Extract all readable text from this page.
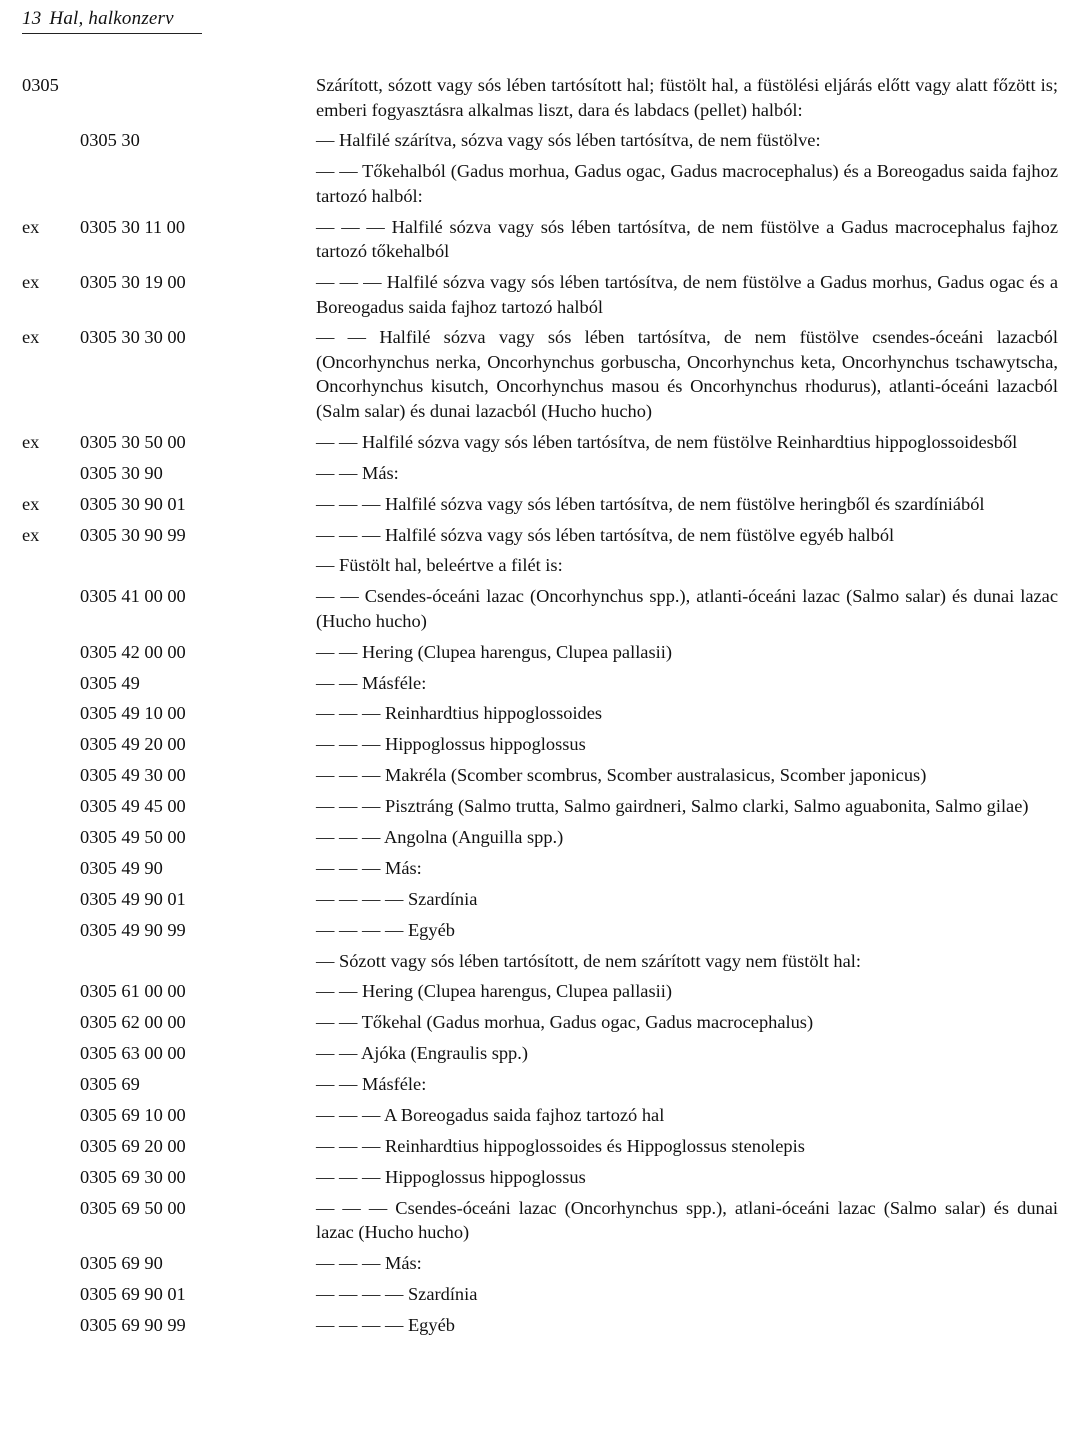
13 Hal, halkonzerv
0305	Szárított, sózott vagy sós lében tartósított hal; füstölt hal, a füstölési eljárás előtt vagy alatt főzött is; emberi fogyasztásra alkalmas liszt, dara és labdacs (pellet) halból:
0305 30	— Halfilé szárítva, sózva vagy sós lében tartósítva, de nem füstölve:
— — Tőkehalból (Gadus morhua, Gadus ogac, Gadus macrocephalus) és a Boreogadus saida fajhoz tartozó halból:
ex	0305 30 11 00	— — — Halfilé sózva vagy sós lében tartósítva, de nem füstölve a Gadus macrocephalus fajhoz tartozó tőkehalból
ex	0305 30 19 00	— — — Halfilé sózva vagy sós lében tartósítva, de nem füstölve a Gadus morhus, Gadus ogac és a Boreogadus saida fajhoz tartozó halból
ex	0305 30 30 00	— — Halfilé sózva vagy sós lében tartósítva, de nem füstölve csendes-óceáni lazacból (Oncorhynchus nerka, Oncorhynchus gorbuscha, Oncorhynchus keta, Oncorhynchus tschawytscha, Oncorhynchus kisutch, Oncorhynchus masou és Oncorhynchus rhodurus), atlanti-óceáni lazacból (Salm salar) és dunai lazacból (Hucho hucho)
ex	0305 30 50 00	— — Halfilé sózva vagy sós lében tartósítva, de nem füstölve Reinhardtius hippoglossoidesből
0305 30 90	— — Más:
ex	0305 30 90 01	— — — Halfilé sózva vagy sós lében tartósítva, de nem füstölve heringből és szardíniából
ex	0305 30 90 99	— — — Halfilé sózva vagy sós lében tartósítva, de nem füstölve egyéb halból
— Füstölt hal, beleértve a filét is:
0305 41 00 00	— — Csendes-óceáni lazac (Oncorhynchus spp.), atlanti-óceáni lazac (Salmo salar) és dunai lazac (Hucho hucho)
0305 42 00 00	— — Hering (Clupea harengus, Clupea pallasii)
0305 49	— — Másféle:
0305 49 10 00	— — — Reinhardtius hippoglossoides
0305 49 20 00	— — — Hippoglossus hippoglossus
0305 49 30 00	— — — Makréla (Scomber scombrus, Scomber australasicus, Scomber japonicus)
0305 49 45 00	— — — Pisztráng (Salmo trutta, Salmo gairdneri, Salmo clarki, Salmo aguabonita, Salmo gilae)
0305 49 50 00	— — — Angolna (Anguilla spp.)
0305 49 90	— — — Más:
0305 49 90 01	— — — — Szardínia
0305 49 90 99	— — — — Egyéb
— Sózott vagy sós lében tartósított, de nem szárított vagy nem füstölt hal:
0305 61 00 00	— — Hering (Clupea harengus, Clupea pallasii)
0305 62 00 00	— — Tőkehal (Gadus morhua, Gadus ogac, Gadus macrocephalus)
0305 63 00 00	— — Ajóka (Engraulis spp.)
0305 69	— — Másféle:
0305 69 10 00	— — — A Boreogadus saida fajhoz tartozó hal
0305 69 20 00	— — — Reinhardtius hippoglossoides és Hippoglossus stenolepis
0305 69 30 00	— — — Hippoglossus hippoglossus
0305 69 50 00	— — — Csendes-óceáni lazac (Oncorhynchus spp.), atlani-óceáni lazac (Salmo salar) és dunai lazac (Hucho hucho)
0305 69 90	— — — Más:
0305 69 90 01	— — — — Szardínia
0305 69 90 99	— — — — Egyéb
